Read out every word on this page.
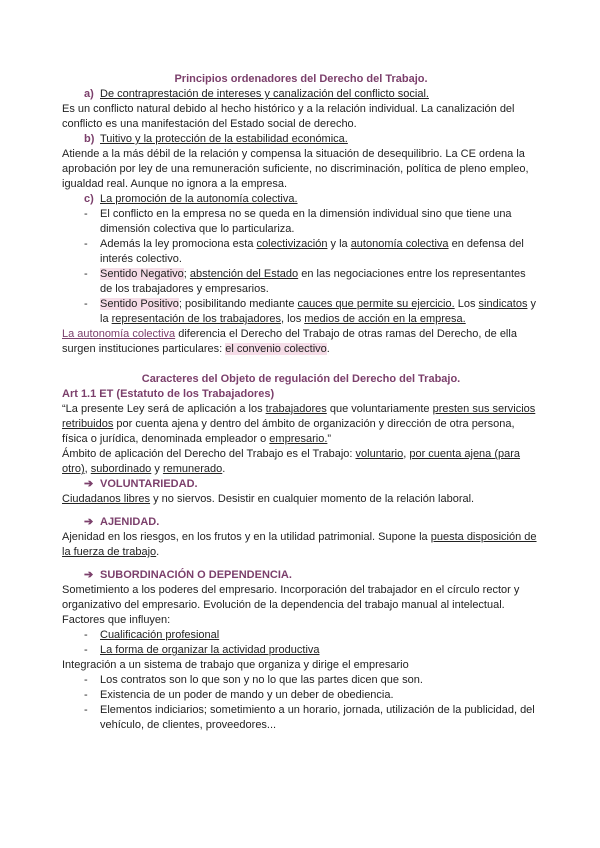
Principios ordenadores del Derecho del Trabajo.
a) De contraprestación de intereses y canalización del conflicto social.
Es un conflicto natural debido al hecho histórico y a la relación individual. La canalización del conflicto es una manifestación del Estado social de derecho.
b) Tuitivo y la protección de la estabilidad económica.
Atiende a la más débil de la relación y compensa la situación de desequilibrio. La CE ordena la aprobación por ley de una remuneración suficiente, no discriminación, política de pleno empleo, igualdad real. Aunque no ignora a la empresa.
c) La promoción de la autonomía colectiva.
-	El conflicto en la empresa no se queda en la dimensión individual sino que tiene una dimensión colectiva que lo particulariza.
-	Además la ley promociona esta colectivización y la autonomía colectiva en defensa del interés colectivo.
-	Sentido Negativo; abstención del Estado en las negociaciones entre los representantes de los trabajadores y empresarios.
-	Sentido Positivo; posibilitando mediante cauces que permite su ejercicio. Los sindicatos y la representación de los trabajadores, los medios de acción en la empresa.
La autonomía colectiva diferencia el Derecho del Trabajo de otras ramas del Derecho, de ella surgen instituciones particulares: el convenio colectivo.
Caracteres del Objeto de regulación del Derecho del Trabajo.
Art 1.1 ET (Estatuto de los Trabajadores)
“La presente Ley será de aplicación a los trabajadores que voluntariamente presten sus servicios retribuidos por cuenta ajena y dentro del ámbito de organización y dirección de otra persona, física o jurídica, denominada empleador o empresario.”
Ámbito de aplicación del Derecho del Trabajo es el Trabajo: voluntario, por cuenta ajena (para otro), subordinado y remunerado.
➔ VOLUNTARIEDAD.
Ciudadanos libres y no siervos. Desistir en cualquier momento de la relación laboral.
➔ AJENIDAD.
Ajenidad en los riesgos, en los frutos y en la utilidad patrimonial. Supone la puesta disposición de la fuerza de trabajo.
➔ SUBORDINACIÓN O DEPENDENCIA.
Sometimiento a los poderes del empresario. Incorporación del trabajador en el círculo rector y organizativo del empresario. Evolución de la dependencia del trabajo manual al intelectual.
Factores que influyen:
-	Cualificación profesional
-	La forma de organizar la actividad productiva
Integración a un sistema de trabajo que organiza y dirige el empresario
-	Los contratos son lo que son y no lo que las partes dicen que son.
-	Existencia de un poder de mando y un deber de obediencia.
-	Elementos indiciarios; sometimiento a un horario, jornada, utilización de la publicidad, del vehículo, de clientes, proveedores...
